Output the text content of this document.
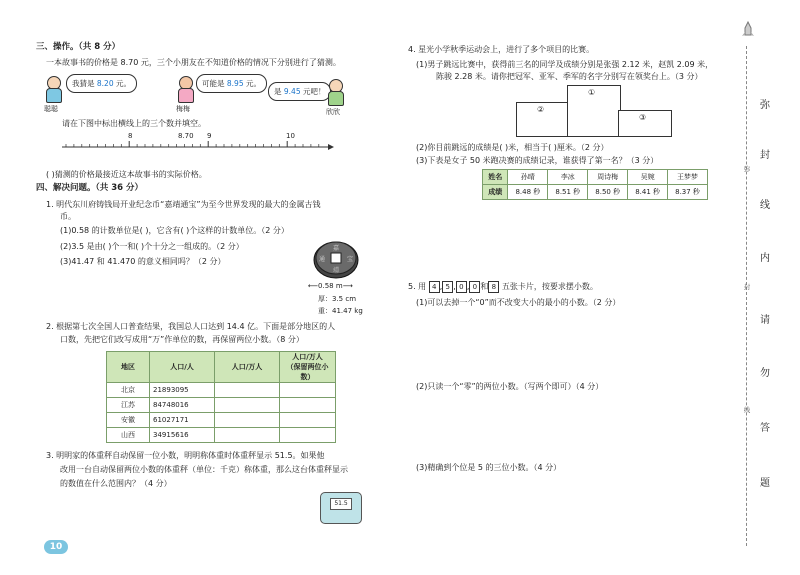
三、操作。（共 8 分）
一本故事书的价格是 8.70 元，三个小朋友在不知道价格的情况下分别进行了猜测。
聪聪
我猜是 8.20 元。
梅梅
可能是 8.95 元。
是 9.45 元吧！
欣欣
请在下图中标出横线上的三个数并填空。
8	8.70 9	10
( )猜测的价格最接近这本故事书的实际价格。
四、解决问题。（共 36 分）
1. 明代东川府铸钱局开业纪念币“嘉靖通宝”为至今世界发现的最大的金属古钱
币。
(1)0.58 的计数单位是( )，它含有( )个这样的计数单位。（2 分）
(2)3.5 是由( )个一和( )个十分之一组成的。（2 分）
(3)41.47 和 41.470 的意义相同吗？（2 分）
嘉
靖
通	宝
⟵0.58 m⟶
厚：3.5 cm
重：41.47 kg
2. 根据第七次全国人口普查结果，我国总人口达到 14.4 亿。下面是部分地区的人
口数，先把它们改写成用“万”作单位的数，再保留两位小数。（8 分）
地区	人口/人	人口/万人	人口/万人
（保留两位小数）

北京	21893095		
江苏	84748016		
安徽	61027171		
山西	34915616		
3. 明明家的体重秤自动保留一位小数，明明称体重时体重秤显示 51.5。如果他
改用一台自动保留两位小数的体重秤（单位：千克）称体重，那么这台体重秤显示
的数值在什么范围内？（4 分）
51.5
10
4. 星光小学秋季运动会上，进行了多个项目的比赛。
(1)男子跳远比赛中，获得前三名的同学及成绩分别是张强 2.12 米，赵凯 2.09 米，
陈骏 2.28 米。请你把冠军、亚军、季军的名字分别写在领奖台上。（3 分）
②
①
③
(2)你目前跳远的成绩是( )米，相当于( )厘米。（2 分）
(3)下表是女子 50 米跑决赛的成绩记录，谁获得了第一名？（3 分）
姓名	孙晴	李冰	周诗梅	吴婉	王梦梦
成绩	8.48 秒	8.51 秒	8.50 秒	8.41 秒	8.37 秒
5. 用 4 , 5 , 0 , 0 和 8 五张卡片，按要求摆小数。
(1)可以去掉一个“0”而不改变大小的最小的小数。（2 分）
(2)只读一个“零”的两位小数。（写两个即可）（4 分）
(3)精确到个位是 5 的三位小数。（4 分）
弥
封
弥
线
内
封
请
勿
线
答
题
